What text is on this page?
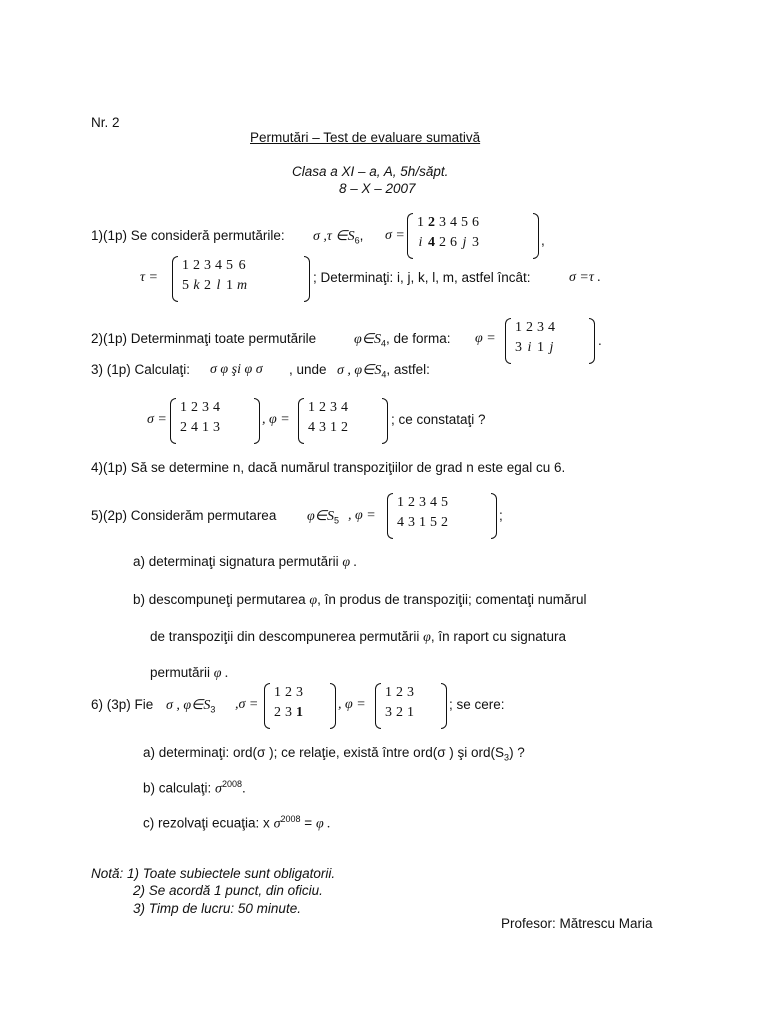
Nr. 2
Permutări – Test de evaluare sumativă
Clasa a XI – a, A, 5h/săpt.
8 – X – 2007
1)(1p) Se consideră permutările: σ ,τ $\in S_6$, σ =
1	2	3	4	5	6
i	4	2	6	j	3	,
τ =
1	2	3	4	5	6
5	k	2	l	1	m
; Determinaţi: i, j, k, l, m, astfel încât:	σ =τ .
2)(1p) Determinmaţi toate permutările	$\varphi\in S_4$, de forma: φ =
1	2	3	4
3	i	1	j	.
3) (1p) Calculaţi: σ φ şi φ σ , unde σ , $\varphi\in S_4$, astfel:
σ =
1	2	3	4
2	4	1	3
, φ =
1	2	3	4
4	3	1	2
; ce constataţi ?
4)(1p) Să se determine n, dacă numărul transpoziţiilor de grad n este egal cu 6.
5)(2p) Considerăm permutarea $\varphi\in S_5$ , φ =
1	2	3	4	5
4	3	1	5	2	;
a) determinaţi signatura permutării φ .
b) descompuneţi permutarea φ, în produs de transpoziţii; comentaţi numărul
de transpoziţii din descompunerea permutării φ, în raport cu signatura
permutării φ .
6) (3p) Fie σ , $\varphi\in S_3$ ,σ =
1	2	3
2	3	1
, φ =
1	2	3
3	2	1
; se cere:
a) determinaţi: ord(σ ); ce relaţie, există între ord(σ ) şi $ord(S_3)$ ?
b) calculaţi: $\sigma^{2008}$.
c) rezolvaţi ecuaţia: x $\sigma^{2008} = \varphi$ .
Notă: 1) Toate subiectele sunt obligatorii.
2) Se acordă 1 punct, din oficiu.
3) Timp de lucru: 50 minute.
Profesor: Mătrescu Maria
